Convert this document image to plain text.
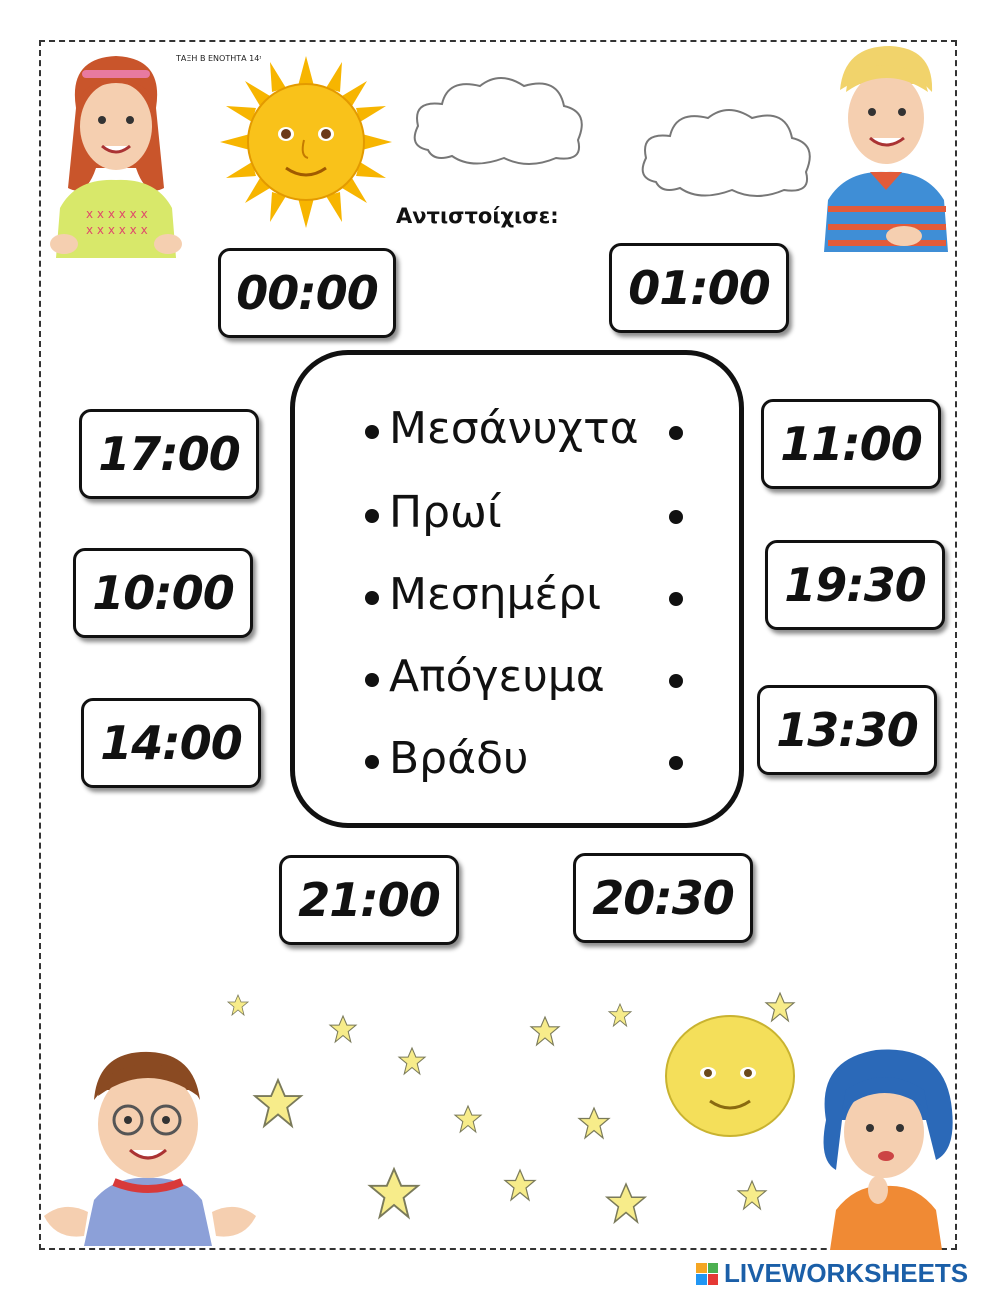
ΤΑΞΗ Β ΕΝΟΤΗΤΑ 14ᶦ
x x x x x x
x x x x x x
Αντιστοίχισε:
00:00	01:00
17:00	11:00
10:00	19:30
14:00	13:30
21:00	20:30
Μεσάνυχτα
Πρωί
Μεσημέρι
Απόγευμα
Βράδυ
LIVEWORKSHEETS
